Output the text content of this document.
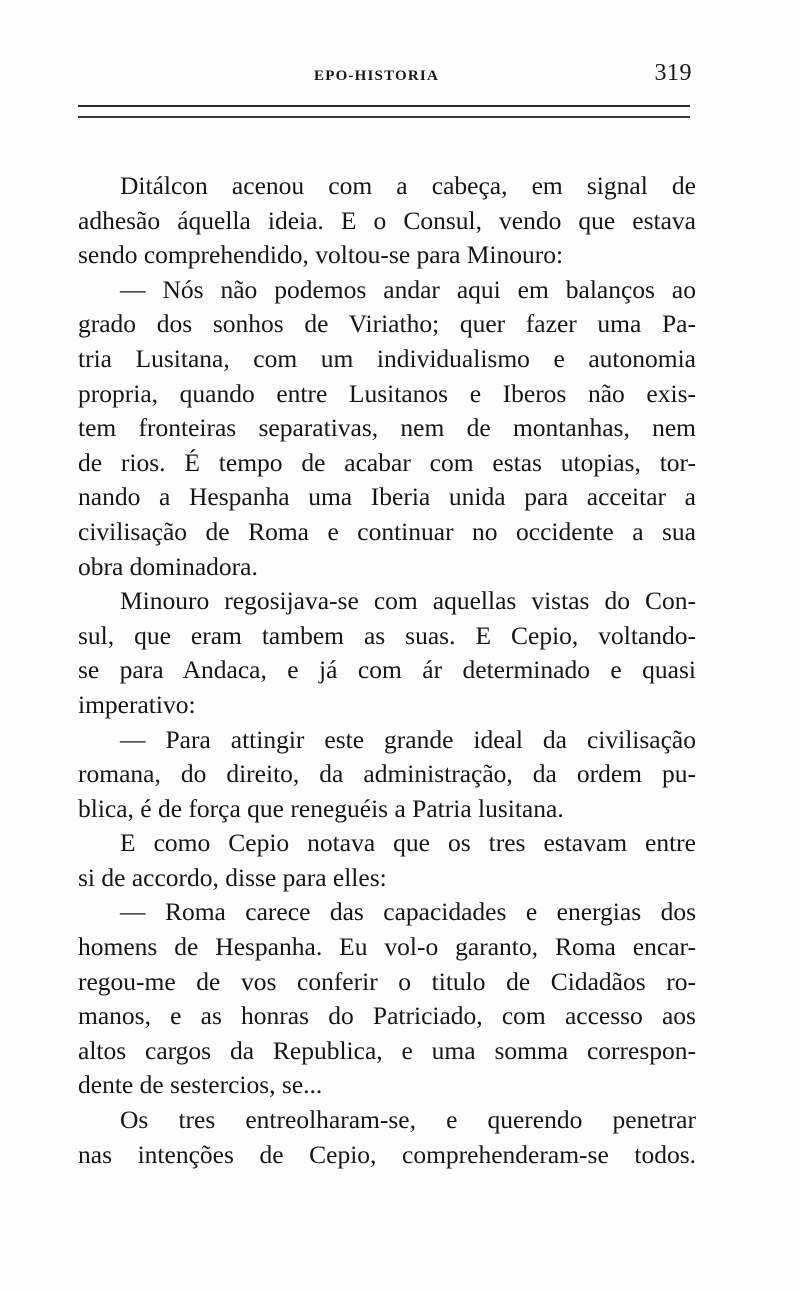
EPO-HISTORIA	319
Ditálcon acenou com a cabeça, em signal de
adhesão áquella ideia. E o Consul, vendo que estava
sendo comprehendido, voltou-se para Minouro:
— Nós não podemos andar aqui em balanços ao
grado dos sonhos de Viriatho; quer fazer uma Pa-
tria Lusitana, com um individualismo e autonomia
propria, quando entre Lusitanos e Iberos não exis-
tem fronteiras separativas, nem de montanhas, nem
de rios. É tempo de acabar com estas utopias, tor-
nando a Hespanha uma Iberia unida para acceitar a
civilisação de Roma e continuar no occidente a sua
obra dominadora.
Minouro regosijava-se com aquellas vistas do Con-
sul, que eram tambem as suas. E Cepio, voltando-
se para Andaca, e já com ár determinado e quasi
imperativo:
— Para attingir este grande ideal da civilisação
romana, do direito, da administração, da ordem pu-
blica, é de força que reneguéis a Patria lusitana.
E como Cepio notava que os tres estavam entre
si de accordo, disse para elles:
— Roma carece das capacidades e energias dos
homens de Hespanha. Eu vol-o garanto, Roma encar-
regou-me de vos conferir o titulo de Cidadãos ro-
manos, e as honras do Patriciado, com accesso aos
altos cargos da Republica, e uma somma correspon-
dente de sestercios, se...
Os tres entreolharam-se, e querendo penetrar
nas intenções de Cepio, comprehenderam-se todos.
